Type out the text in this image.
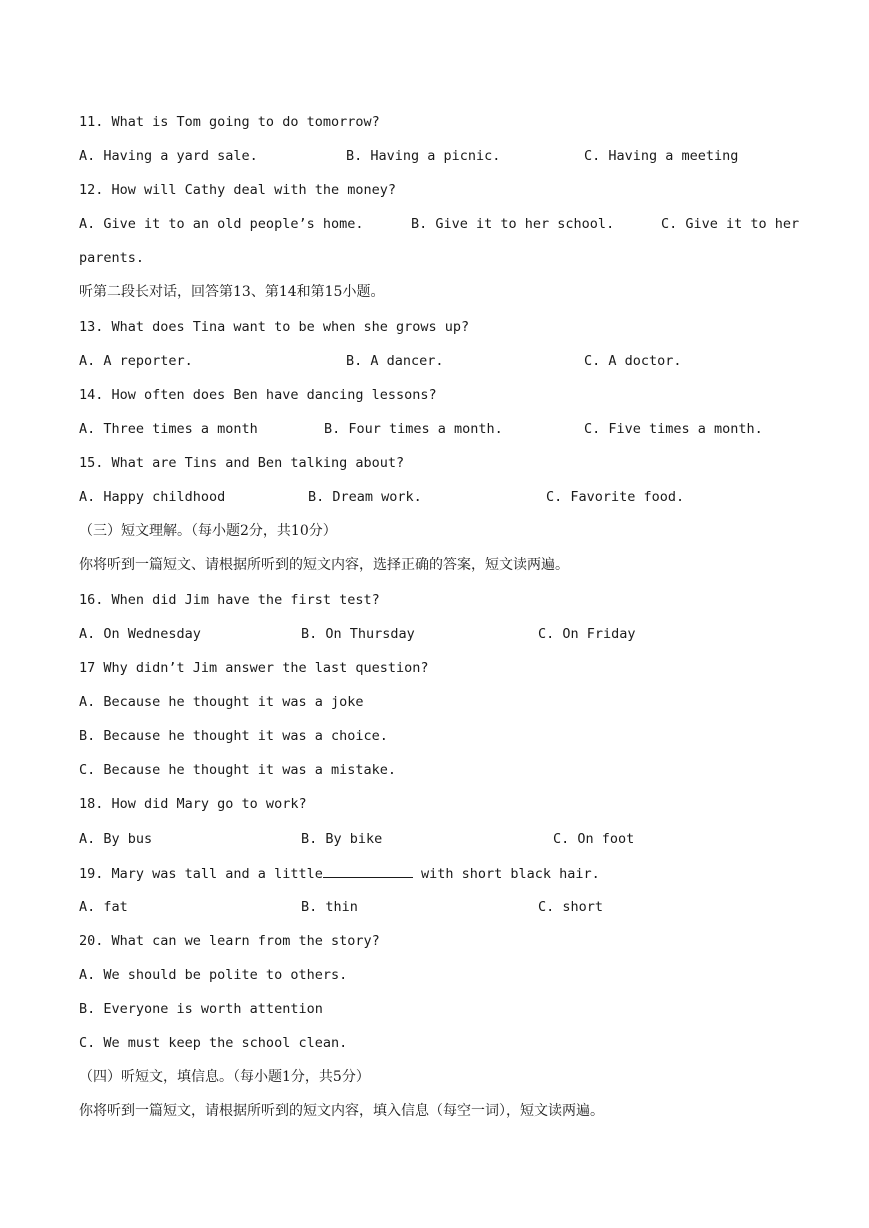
11. What is Tom going to do tomorrow?
A. Having a yard sale.	B. Having a picnic.	C. Having a meeting
12. How will Cathy deal with the money?
A. Give it to an old people’s home.	B. Give it to her school.	C. Give it to her
parents.
听第二段长对话，回答第13、第14和第15小题。
13. What does Tina want to be when she grows up?
A. A reporter.	B. A dancer.	C. A doctor.
14. How often does Ben have dancing lessons?
A. Three times a month	B. Four times a month.	C. Five times a month.
15. What are Tins and Ben talking about?
A. Happy childhood	B. Dream work.	C. Favorite food.
（三）短文理解。（每小题2分，共10分）
你将听到一篇短文、请根据所听到的短文内容，选择正确的答案，短文读两遍。
16. When did Jim have the first test?
A. On Wednesday	B. On Thursday	C. On Friday
17 Why didn’t Jim answer the last question?
A. Because he thought it was a joke
B. Because he thought it was a choice.
C. Because he thought it was a mistake.
18. How did Mary go to work?
A. By bus	B. By bike	C. On foot
19. Mary was tall and a little	with short black hair.
A. fat	B. thin	C. short
20. What can we learn from the story?
A. We should be polite to others.
B. Everyone is worth attention
C. We must keep the school clean.
（四）听短文，填信息。（每小题1分，共5分）
你将听到一篇短文，请根据所听到的短文内容，填入信息（每空一词），短文读两遍。
